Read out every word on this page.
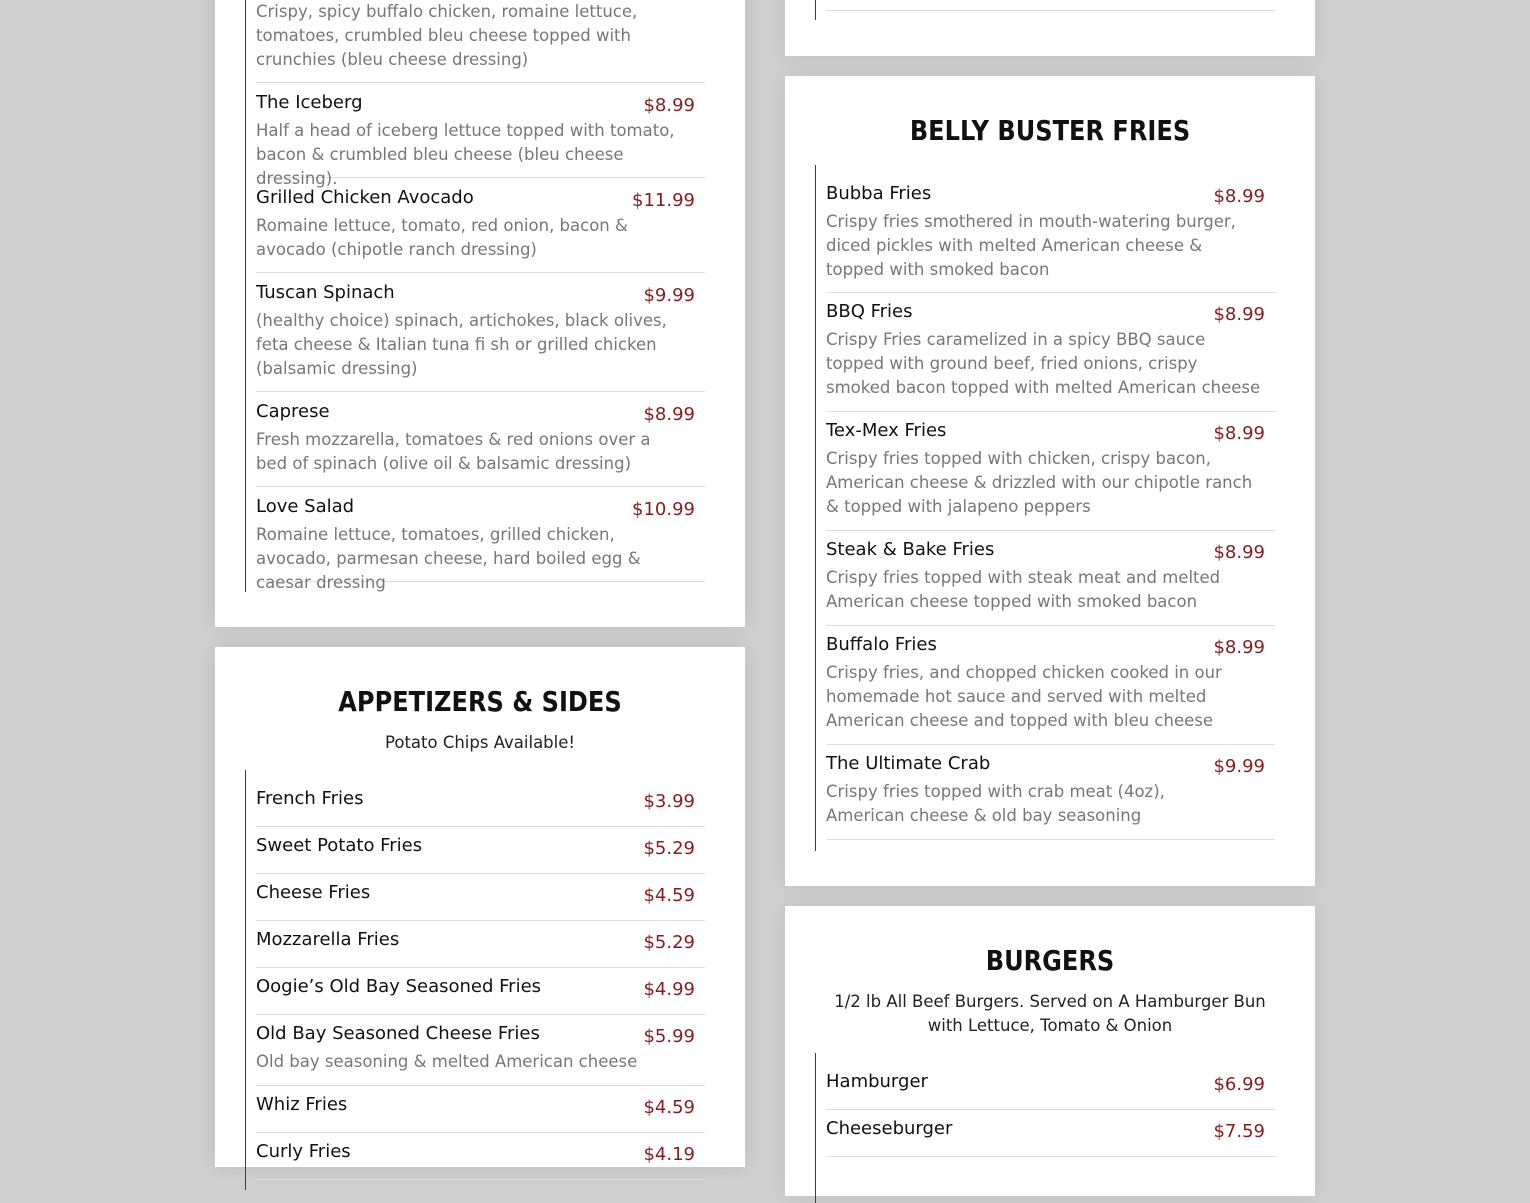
Crispy, spicy buffalo chicken, romaine lettuce, tomatoes, crumbled bleu cheese topped with crunchies (bleu cheese dressing)

The Iceberg	$8.99

Half a head of iceberg lettuce topped with tomato, bacon & crumbled bleu cheese (bleu cheese dressing).

Grilled Chicken Avocado	$11.99

Romaine lettuce, tomato, red onion, bacon & avocado (chipotle ranch dressing)

Tuscan Spinach	$9.99

(healthy choice) spinach, artichokes, black olives, feta cheese & Italian tuna fi sh or grilled chicken (balsamic dressing)

Caprese	$8.99

Fresh mozzarella, tomatoes & red onions over a bed of spinach (olive oil & balsamic dressing)

Love Salad	$10.99

Romaine lettuce, tomatoes, grilled chicken, avocado, parmesan cheese, hard boiled egg & caesar dressing

APPETIZERS & SIDES

Potato Chips Available!

French Fries	$3.99
Sweet Potato Fries	$5.29
Cheese Fries	$4.59
Mozzarella Fries	$5.29
Oogie’s Old Bay Seasoned Fries	$4.99
Old Bay Seasoned Cheese Fries	$5.99

Old bay seasoning & melted American cheese

Whiz Fries	$4.59
Curly Fries	$4.19
BELLY BUSTER FRIES
Bubba Fries	$8.99

Crispy fries smothered in mouth-watering burger, diced pickles with melted American cheese & topped with smoked bacon

BBQ Fries	$8.99

Crispy Fries caramelized in a spicy BBQ sauce topped with ground beef, fried onions, crispy smoked bacon topped with melted American cheese

Tex-Mex Fries	$8.99

Crispy fries topped with chicken, crispy bacon, American cheese & drizzled with our chipotle ranch & topped with jalapeno peppers

Steak & Bake Fries	$8.99

Crispy fries topped with steak meat and melted American cheese topped with smoked bacon

Buffalo Fries	$8.99

Crispy fries, and chopped chicken cooked in our homemade hot sauce and served with melted American cheese and topped with bleu cheese

The Ultimate Crab	$9.99

Crispy fries topped with crab meat (4oz), American cheese & old bay seasoning

BURGERS

1/2 lb All Beef Burgers. Served on A Hamburger Bun with Lettuce, Tomato & Onion

Hamburger	$6.99
Cheeseburger	$7.59
